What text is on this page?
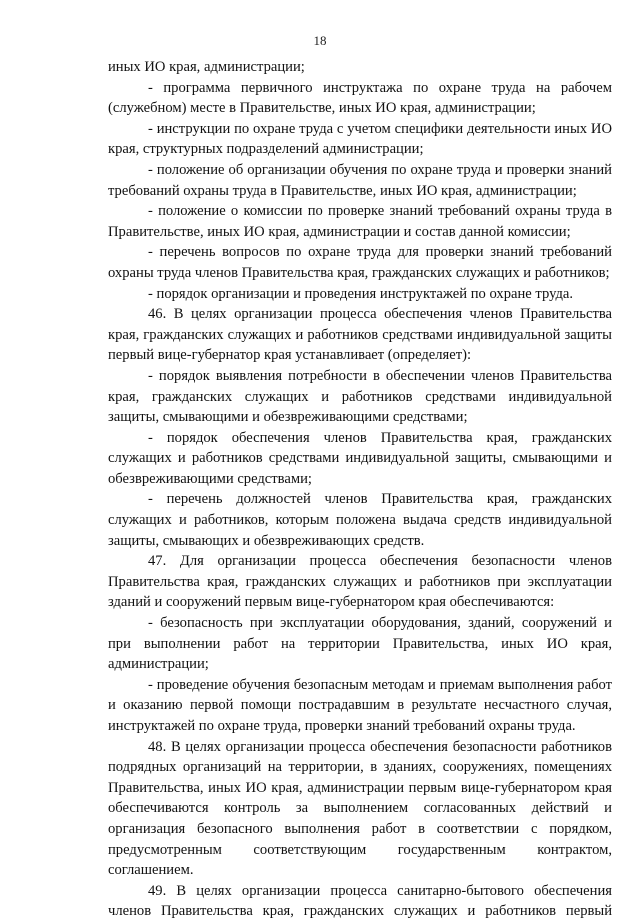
18

иных ИО края, администрации;

- программа первичного инструктажа по охране труда на рабочем (служебном) месте в Правительстве, иных ИО края, администрации;

- инструкции по охране труда с учетом специфики деятельности иных ИО края, структурных подразделений администрации;

- положение об организации обучения по охране труда и проверки знаний требований охраны труда в Правительстве, иных ИО края, администрации;

- положение о комиссии по проверке знаний требований охраны труда в Правительстве, иных ИО края, администрации и состав данной комиссии;

- перечень вопросов по охране труда для проверки знаний требований охраны труда членов Правительства края, гражданских служащих и работников;

- порядок организации и проведения инструктажей по охране труда.

46. В целях организации процесса обеспечения членов Правительства края, гражданских служащих и работников средствами индивидуальной защиты первый вице-губернатор края устанавливает (определяет):

- порядок выявления потребности в обеспечении членов Правительства края, гражданских служащих и работников средствами индивидуальной защиты, смывающими и обезвреживающими средствами;

- порядок обеспечения членов Правительства края, гражданских служащих и работников средствами индивидуальной защиты, смывающими и обезвреживающими средствами;

- перечень должностей членов Правительства края, гражданских служащих и работников, которым положена выдача средств индивидуальной защиты, смывающих и обезвреживающих средств.

47. Для организации процесса обеспечения безопасности членов Правительства края, гражданских служащих и работников при эксплуатации зданий и сооружений первым вице-губернатором края обеспечиваются:

- безопасность при эксплуатации оборудования, зданий, сооружений и при выполнении работ на территории Правительства, иных ИО края, администрации;

- проведение обучения безопасным методам и приемам выполнения работ и оказанию первой помощи пострадавшим в результате несчастного случая, инструктажей по охране труда, проверки знаний требований охраны труда.

48. В целях организации процесса обеспечения безопасности работников подрядных организаций на территории, в зданиях, сооружениях, помещениях Правительства, иных ИО края, администрации первым вице-губернатором края обеспечиваются контроль за выполнением согласованных действий и организация безопасного выполнения работ в соответствии с порядком, предусмотренным соответствующим государственным контрактом, соглашением.

49. В целях организации процесса санитарно-бытового обеспечения членов Правительства края, гражданских служащих и работников первый
